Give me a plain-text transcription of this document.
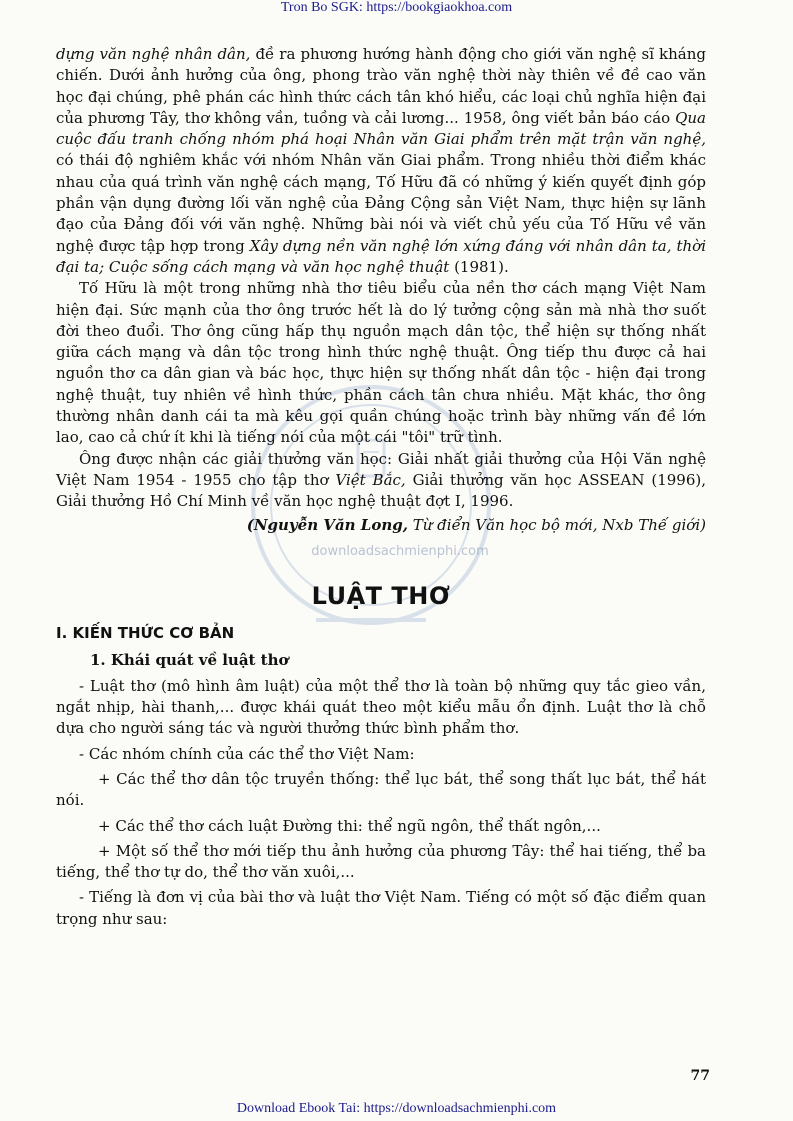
Tron Bo SGK: https://bookgiaokhoa.com
downloadsachmienphi.com

dựng văn nghệ nhân dân, đề ra phương hướng hành động cho giới văn nghệ sĩ kháng chiến. Dưới ảnh hưởng của ông, phong trào văn nghệ thời này thiên về đề cao văn học đại chúng, phê phán các hình thức cách tân khó hiểu, các loại chủ nghĩa hiện đại của phương Tây, thơ không vần, tuồng và cải lương... 1958, ông viết bản báo cáo Qua cuộc đấu tranh chống nhóm phá hoại Nhân văn Giai phẩm trên mặt trận văn nghệ, có thái độ nghiêm khắc với nhóm Nhân văn Giai phẩm. Trong nhiều thời điểm khác nhau của quá trình văn nghệ cách mạng, Tố Hữu đã có những ý kiến quyết định góp phần vận dụng đường lối văn nghệ của Đảng Cộng sản Việt Nam, thực hiện sự lãnh đạo của Đảng đối với văn nghệ. Những bài nói và viết chủ yếu của Tố Hữu về văn nghệ được tập hợp trong Xây dựng nền văn nghệ lớn xứng đáng với nhân dân ta, thời đại ta; Cuộc sống cách mạng và văn học nghệ thuật (1981).

Tố Hữu là một trong những nhà thơ tiêu biểu của nền thơ cách mạng Việt Nam hiện đại. Sức mạnh của thơ ông trước hết là do lý tưởng cộng sản mà nhà thơ suốt đời theo đuổi. Thơ ông cũng hấp thụ nguồn mạch dân tộc, thể hiện sự thống nhất giữa cách mạng và dân tộc trong hình thức nghệ thuật. Ông tiếp thu được cả hai nguồn thơ ca dân gian và bác học, thực hiện sự thống nhất dân tộc - hiện đại trong nghệ thuật, tuy nhiên về hình thức, phần cách tân chưa nhiều. Mặt khác, thơ ông thường nhân danh cái ta mà kêu gọi quần chúng hoặc trình bày những vấn đề lớn lao, cao cả chứ ít khi là tiếng nói của một cái "tôi" trữ tình.

Ông được nhận các giải thưởng văn học: Giải nhất giải thưởng của Hội Văn nghệ Việt Nam 1954 - 1955 cho tập thơ Việt Bắc, Giải thưởng văn học ASSEAN (1996), Giải thưởng Hồ Chí Minh về văn học nghệ thuật đợt I, 1996.

(Nguyễn Văn Long, Từ điển Văn học bộ mới, Nxb Thế giới)

LUẬT THƠ
I. KIẾN THỨC CƠ BẢN
1. Khái quát về luật thơ

- Luật thơ (mô hình âm luật) của một thể thơ là toàn bộ những quy tắc gieo vần, ngắt nhịp, hài thanh,... được khái quát theo một kiểu mẫu ổn định. Luật thơ là chỗ dựa cho người sáng tác và người thưởng thức bình phẩm thơ.

- Các nhóm chính của các thể thơ Việt Nam:

+ Các thể thơ dân tộc truyền thống: thể lục bát, thể song thất lục bát, thể hát nói.

+ Các thể thơ cách luật Đường thi: thể ngũ ngôn, thể thất ngôn,...

+ Một số thể thơ mới tiếp thu ảnh hưởng của phương Tây: thể hai tiếng, thể ba tiếng, thể thơ tự do, thể thơ văn xuôi,...

- Tiếng là đơn vị của bài thơ và luật thơ Việt Nam. Tiếng có một số đặc điểm quan trọng như sau:

77
Download Ebook Tai: https://downloadsachmienphi.com
